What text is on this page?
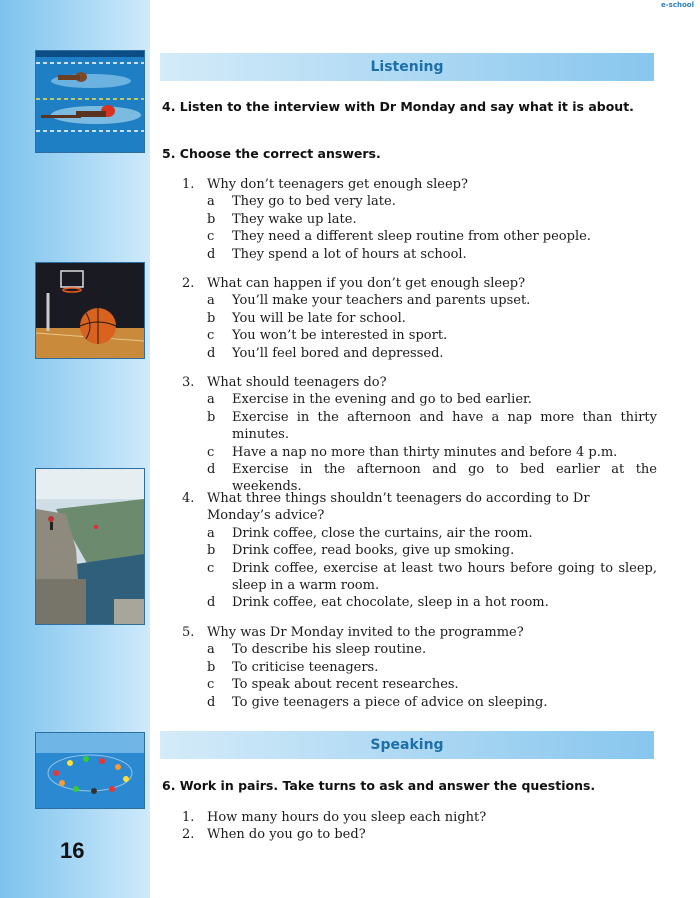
16
e-school
Listening
4. Listen to the interview with Dr Monday and say what it is about.
5. Choose the correct answers.
1. Why don’t teenagers get enough sleep?
a	They go to bed very late.
b	They wake up late.
c	They need a different sleep routine from other people.
d	They spend a lot of hours at school.
2. What can happen if you don’t get enough sleep?
a	You’ll make your teachers and parents upset.
b	You will be late for school.
c	You won’t be interested in sport.
d	You’ll feel bored and depressed.
3. What should teenagers do?
a	Exercise in the evening and go to bed earlier.
b	Exercise in the afternoon and have a nap more than thirty minutes.
c	Have a nap no more than thirty minutes and before 4 p.m.
d	Exercise in the afternoon and go to bed earlier at the weekends.
4. What three things shouldn’t teenagers do according to Dr Monday’s advice?
a	Drink coffee, close the curtains, air the room.
b	Drink coffee, read books, give up smoking.
c	Drink coffee, exercise at least two hours before going to sleep, sleep in a warm room.
d	Drink coffee, eat chocolate, sleep in a hot room.
5. Why was Dr Monday invited to the programme?
a	To describe his sleep routine.
b	To criticise teenagers.
c	To speak about recent researches.
d	To give teenagers a piece of advice on sleeping.
Speaking
6. Work in pairs. Take turns to ask and answer the questions.
1. How many hours do you sleep each night?
2. When do you go to bed?
